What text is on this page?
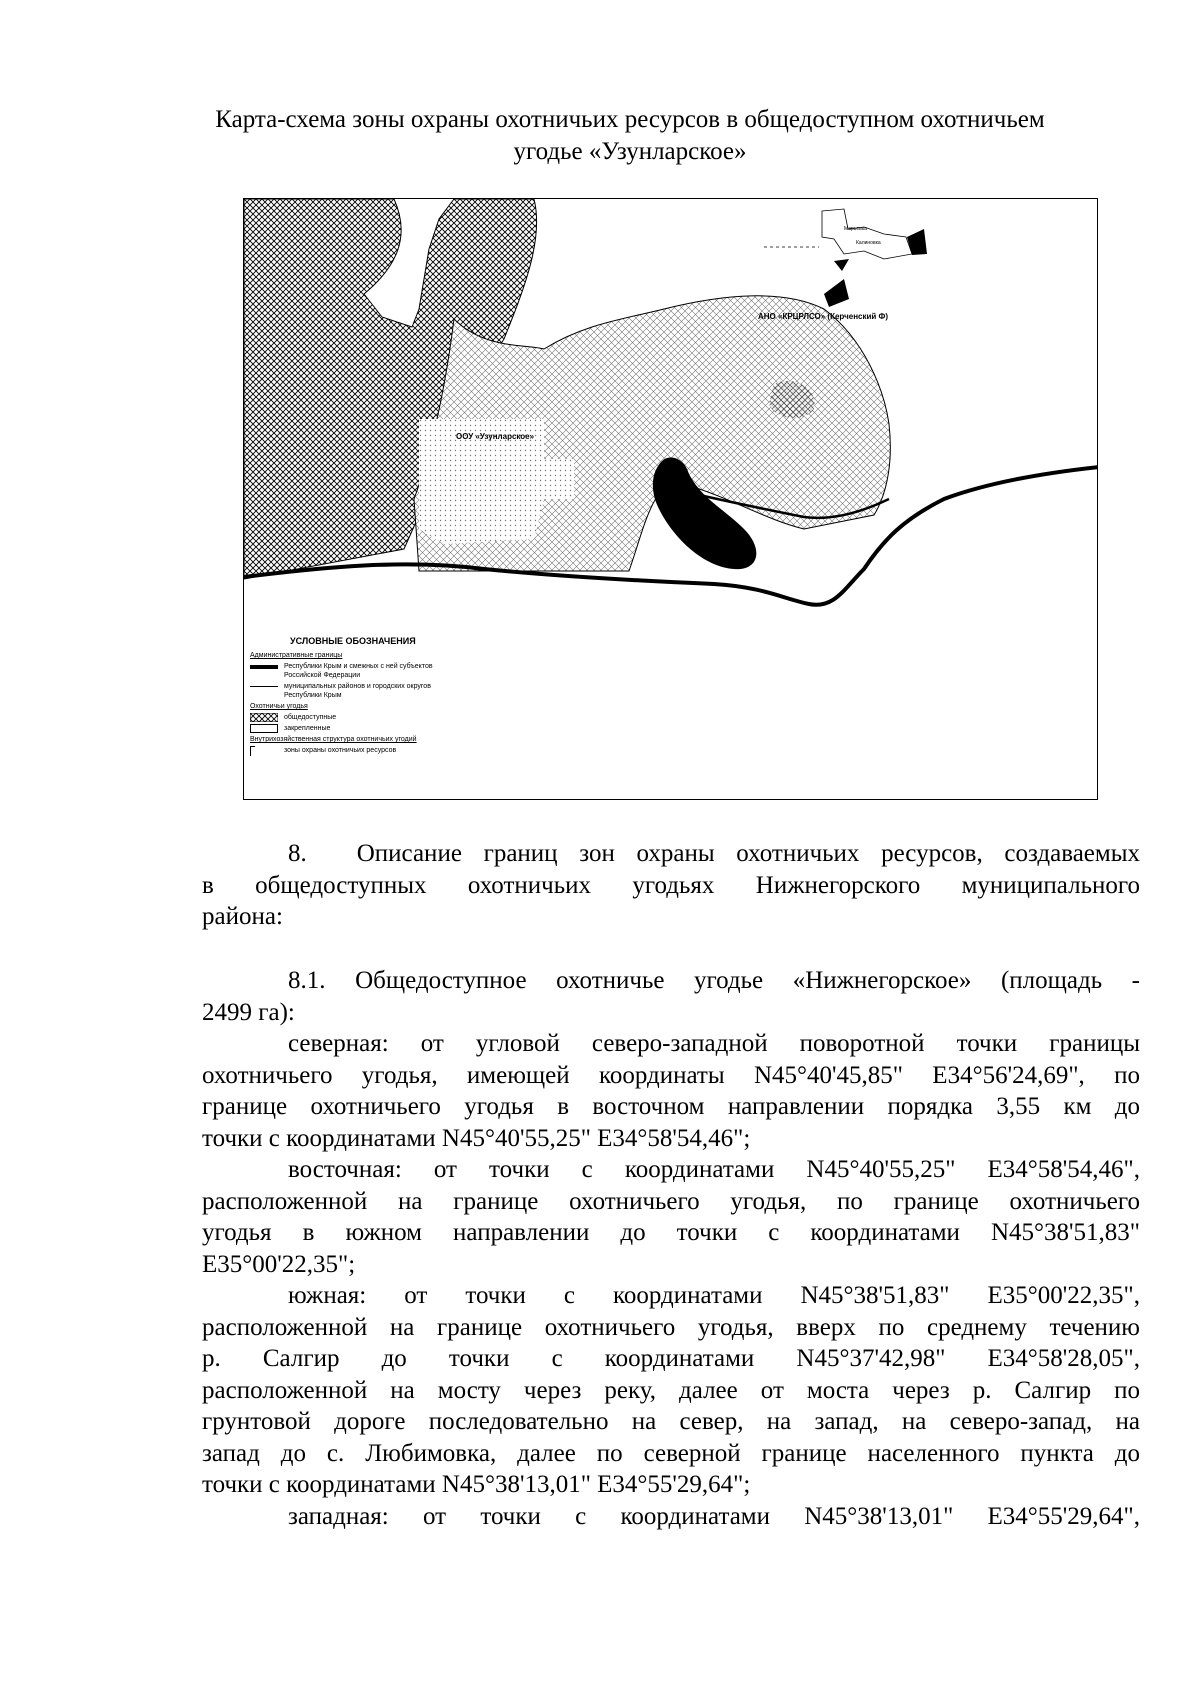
Карта-схема зоны охраны охотничьих ресурсов в общедоступном охотничьем
угодье «Узунларское»
ООУ «Узунларское»
АНО «КРЦРЛСО» (Керченский Ф)
Марьевка
Калиновка
УСЛОВНЫЕ ОБОЗНАЧЕНИЯ
Административные границы
Республики Крым и смежных с ней субъектов Российской Федерации
муниципальных районов и городских округов Республики Крым
Охотничьи угодья
общедоступные
закрепленные
Внутрихозяйственная структура охотничьих угодий
зоны охраны охотничьих ресурсов
8.  Описание границ зон охраны охотничьих ресурсов, создаваемых
в общедоступных охотничьих угодьях Нижнегорского муниципального
района:
8.1. Общедоступное охотничье угодье «Нижнегорское» (площадь -
2499 га):
северная: от угловой северо-западной поворотной точки границы
охотничьего угодья, имеющей координаты N45°40'45,85" E34°56'24,69", по
границе охотничьего угодья в восточном направлении порядка 3,55 км до
точки с координатами N45°40'55,25" E34°58'54,46";
восточная: от точки с координатами N45°40'55,25" E34°58'54,46",
расположенной на границе охотничьего угодья, по границе охотничьего
угодья в южном направлении до точки с координатами N45°38'51,83"
E35°00'22,35";
южная: от точки с координатами N45°38'51,83" E35°00'22,35",
расположенной на границе охотничьего угодья, вверх по среднему течению
р. Салгир до точки с координатами N45°37'42,98" E34°58'28,05",
расположенной на мосту через реку, далее от моста через р. Салгир по
грунтовой дороге последовательно на север, на запад, на северо-запад, на
запад до с. Любимовка, далее по северной границе населенного пункта до
точки с координатами N45°38'13,01" E34°55'29,64";
западная: от точки с координатами N45°38'13,01" E34°55'29,64",
